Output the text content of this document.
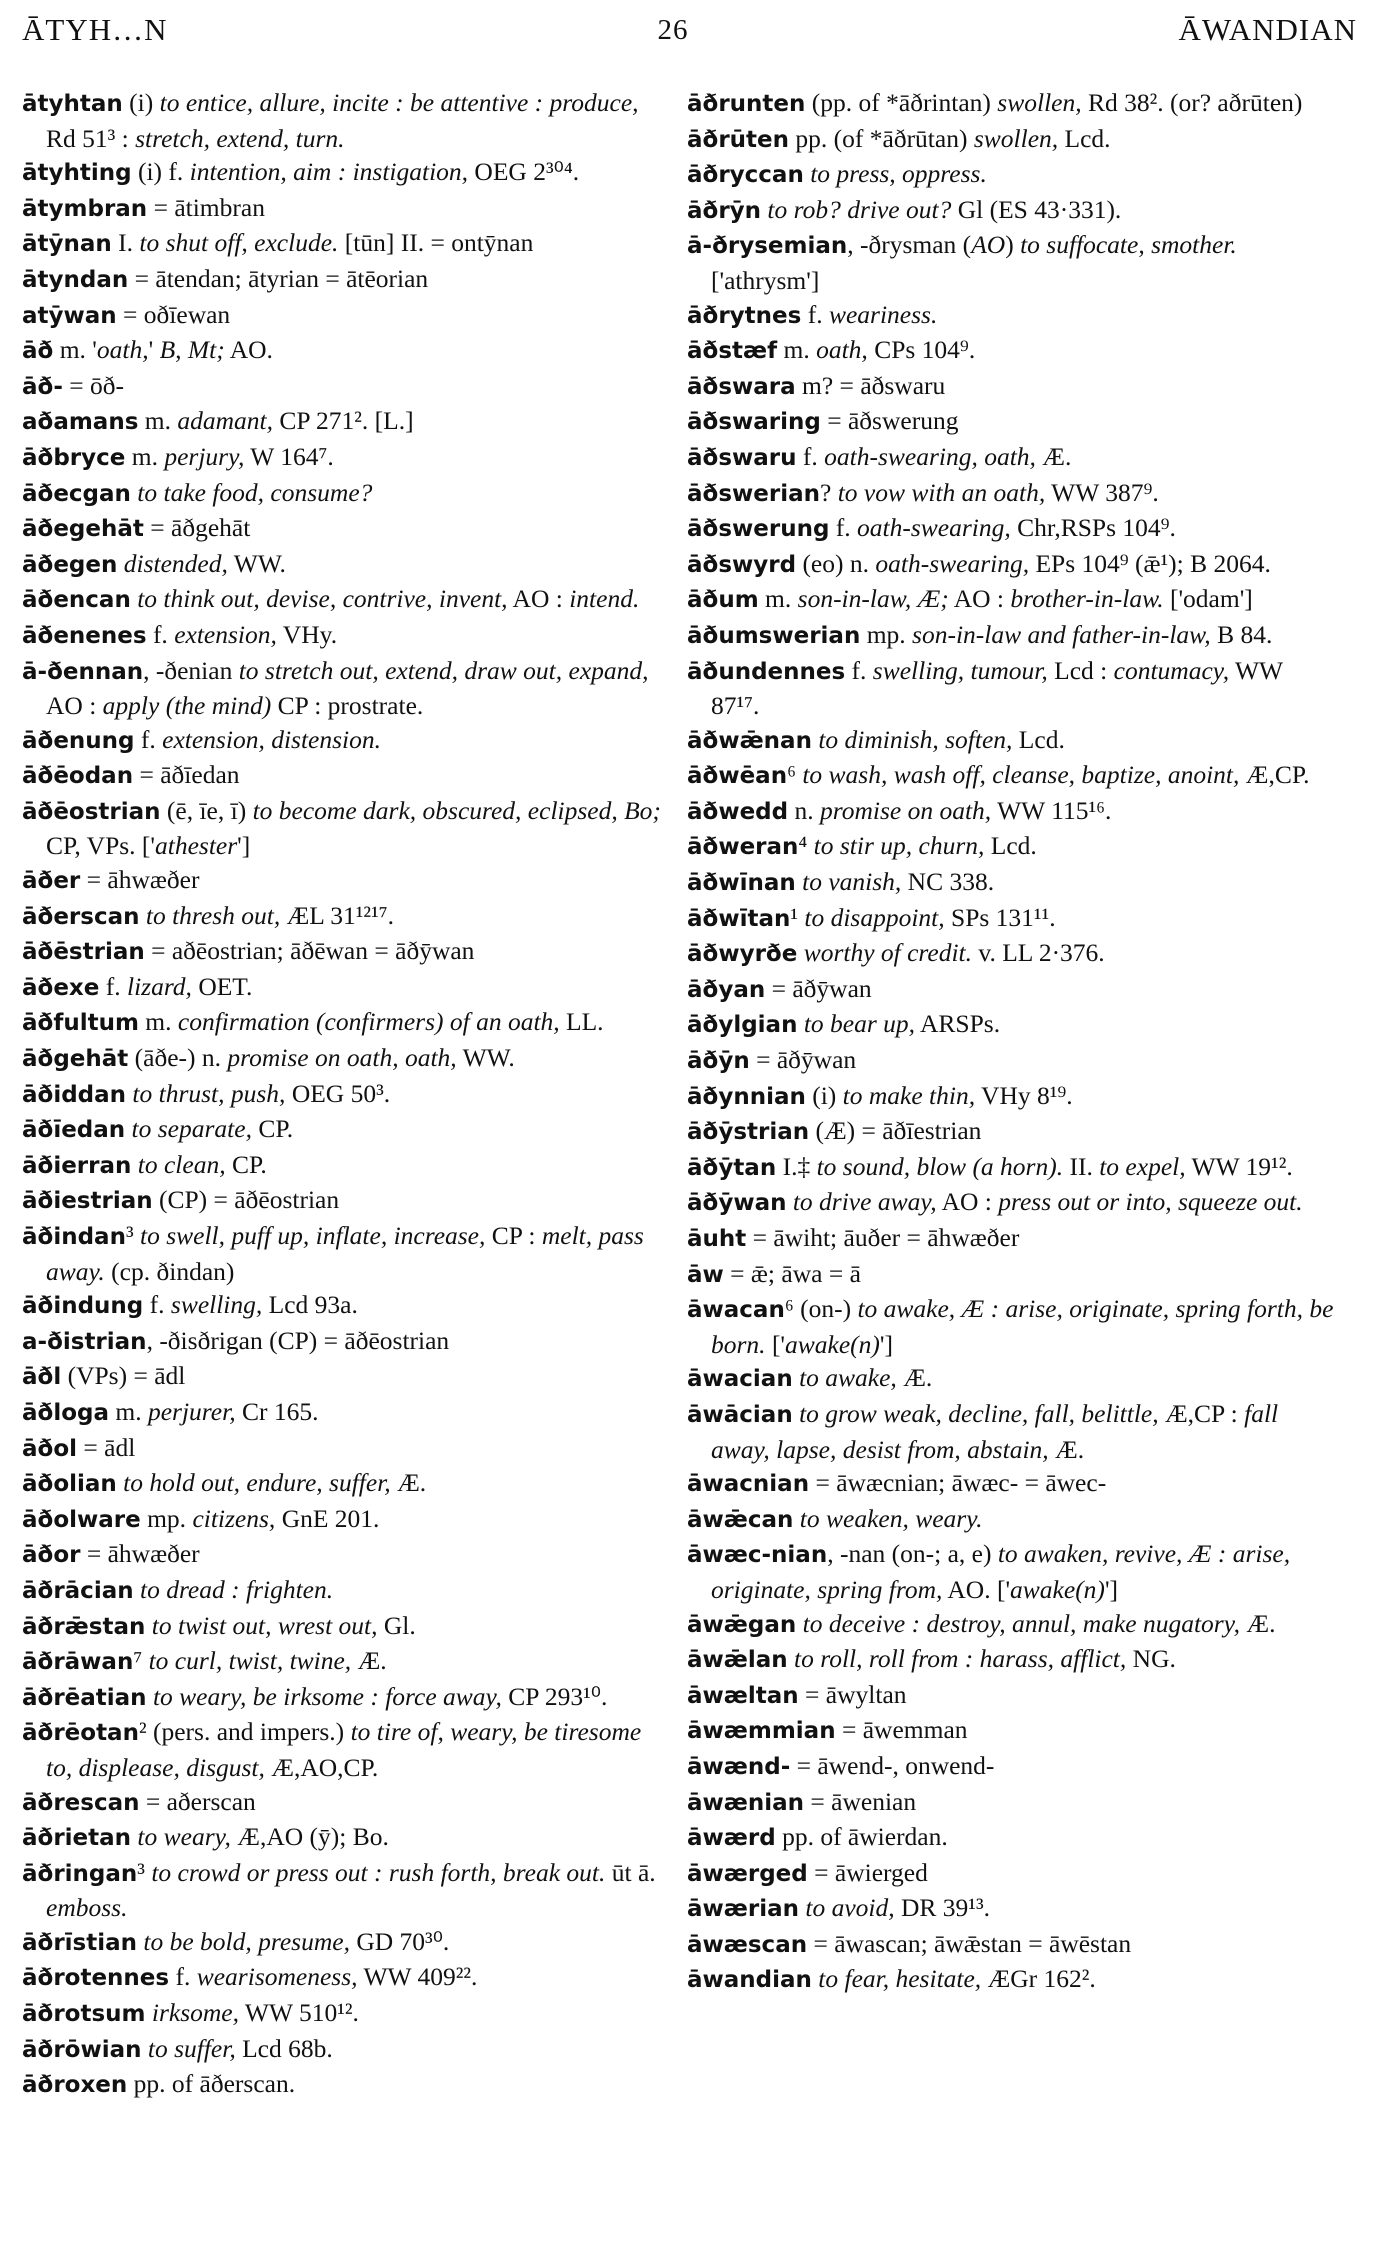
ĀTYH…N	26	ĀWANDIAN

ātyhtan (i) to entice, allure, incite : be attentive : produce, Rd 51³ : stretch, extend, turn.

ātyhting (i) f. intention, aim : instigation, OEG 2³⁰⁴.

ātymbran = ātimbran

ātȳnan I. to shut off, exclude. [tūn] II. = ontȳnan

ātyndan = ātendan; ātyrian = ātēorian

atȳwan = oðīewan

āð m. 'oath,' B, Mt; AO.

āð- = ōð-

aðamans m. adamant, CP 271². [L.]

āðbryce m. perjury, W 164⁷.

āðecgan to take food, consume?

āðegehāt = āðgehāt

āðegen distended, WW.

āðencan to think out, devise, contrive, invent, AO : intend.

āðenenes f. extension, VHy.

ā-ðennan, -ðenian to stretch out, extend, draw out, expand, AO : apply (the mind) CP : prostrate.

āðenung f. extension, distension.

āðēodan = āðīedan

āðēostrian (ē, īe, ī) to become dark, obscured, eclipsed, Bo; CP, VPs. ['athester']

āðer = āhwæðer

āðerscan to thresh out, ÆL 31¹²¹⁷.

āðēstrian = aðēostrian; āðēwan = āðȳwan

āðexe f. lizard, OET.

āðfultum m. confirmation (confirmers) of an oath, LL.

āðgehāt (āðe-) n. promise on oath, oath, WW.

āðiddan to thrust, push, OEG 50³.

āðīedan to separate, CP.

āðierran to clean, CP.

āðiestrian (CP) = āðēostrian

āðindan³ to swell, puff up, inflate, increase, CP : melt, pass away. (cp. ðindan)

āðindung f. swelling, Lcd 93a.

a-ðistrian, -ðisðrigan (CP) = āðēostrian

āðl (VPs) = ādl

āðloga m. perjurer, Cr 165.

āðol = ādl

āðolian to hold out, endure, suffer, Æ.

āðolware mp. citizens, GnE 201.

āðor = āhwæðer

āðrācian to dread : frighten.

āðrǣstan to twist out, wrest out, Gl.

āðrāwan⁷ to curl, twist, twine, Æ.

āðrēatian to weary, be irksome : force away, CP 293¹⁰.

āðrēotan² (pers. and impers.) to tire of, weary, be tiresome to, displease, disgust, Æ,AO,CP.

āðrescan = aðerscan

āðrietan to weary, Æ,AO (ȳ); Bo.

āðringan³ to crowd or press out : rush forth, break out. ūt ā. emboss.

āðrīstian to be bold, presume, GD 70³⁰.

āðrotennes f. wearisomeness, WW 409²².

āðrotsum irksome, WW 510¹².

āðrōwian to suffer, Lcd 68b.

āðroxen pp. of āðerscan.

āðrunten (pp. of *āðrintan) swollen, Rd 38². (or? aðrūten)

āðrūten pp. (of *āðrūtan) swollen, Lcd.

āðryccan to press, oppress.

āðrȳn to rob? drive out? Gl (ES 43·331).

ā-ðrysemian, -ðrysman (AO) to suffocate, smother. ['athrysm']

āðrytnes f. weariness.

āðstæf m. oath, CPs 104⁹.

āðswara m? = āðswaru

āðswaring = āðswerung

āðswaru f. oath-swearing, oath, Æ.

āðswerian? to vow with an oath, WW 387⁹.

āðswerung f. oath-swearing, Chr,RSPs 104⁹.

āðswyrd (eo) n. oath-swearing, EPs 104⁹ (ǣ¹); B 2064.

āðum m. son-in-law, Æ; AO : brother-in-law. ['odam']

āðumswerian mp. son-in-law and father-in-law, B 84.

āðundennes f. swelling, tumour, Lcd : contumacy, WW 87¹⁷.

āðwǣnan to diminish, soften, Lcd.

āðwēan⁶ to wash, wash off, cleanse, baptize, anoint, Æ,CP.

āðwedd n. promise on oath, WW 115¹⁶.

āðweran⁴ to stir up, churn, Lcd.

āðwīnan to vanish, NC 338.

āðwītan¹ to disappoint, SPs 131¹¹.

āðwyrðe worthy of credit. v. LL 2·376.

āðyan = āðȳwan

āðylgian to bear up, ARSPs.

āðȳn = āðȳwan

āðynnian (i) to make thin, VHy 8¹⁹.

āðȳstrian (Æ) = āðīestrian

āðȳtan I.‡ to sound, blow (a horn). II. to expel, WW 19¹².

āðȳwan to drive away, AO : press out or into, squeeze out.

āuht = āwiht; āuðer = āhwæðer

āw = ǣ; āwa = ā

āwacan⁶ (on-) to awake, Æ : arise, originate, spring forth, be born. ['awake(n)']

āwacian to awake, Æ.

āwācian to grow weak, decline, fall, belittle, Æ,CP : fall away, lapse, desist from, abstain, Æ.

āwacnian = āwæcnian; āwæc- = āwec-

āwǣcan to weaken, weary.

āwæc-nian, -nan (on-; a, e) to awaken, revive, Æ : arise, originate, spring from, AO. ['awake(n)']

āwǣgan to deceive : destroy, annul, make nugatory, Æ.

āwǣlan to roll, roll from : harass, afflict, NG.

āwæltan = āwyltan

āwæmmian = āwemman

āwænd- = āwend-, onwend-

āwænian = āwenian

āwærd pp. of āwierdan.

āwærged = āwierged

āwærian to avoid, DR 39¹³.

āwæscan = āwascan; āwǣstan = āwēstan

āwandian to fear, hesitate, ÆGr 162².
